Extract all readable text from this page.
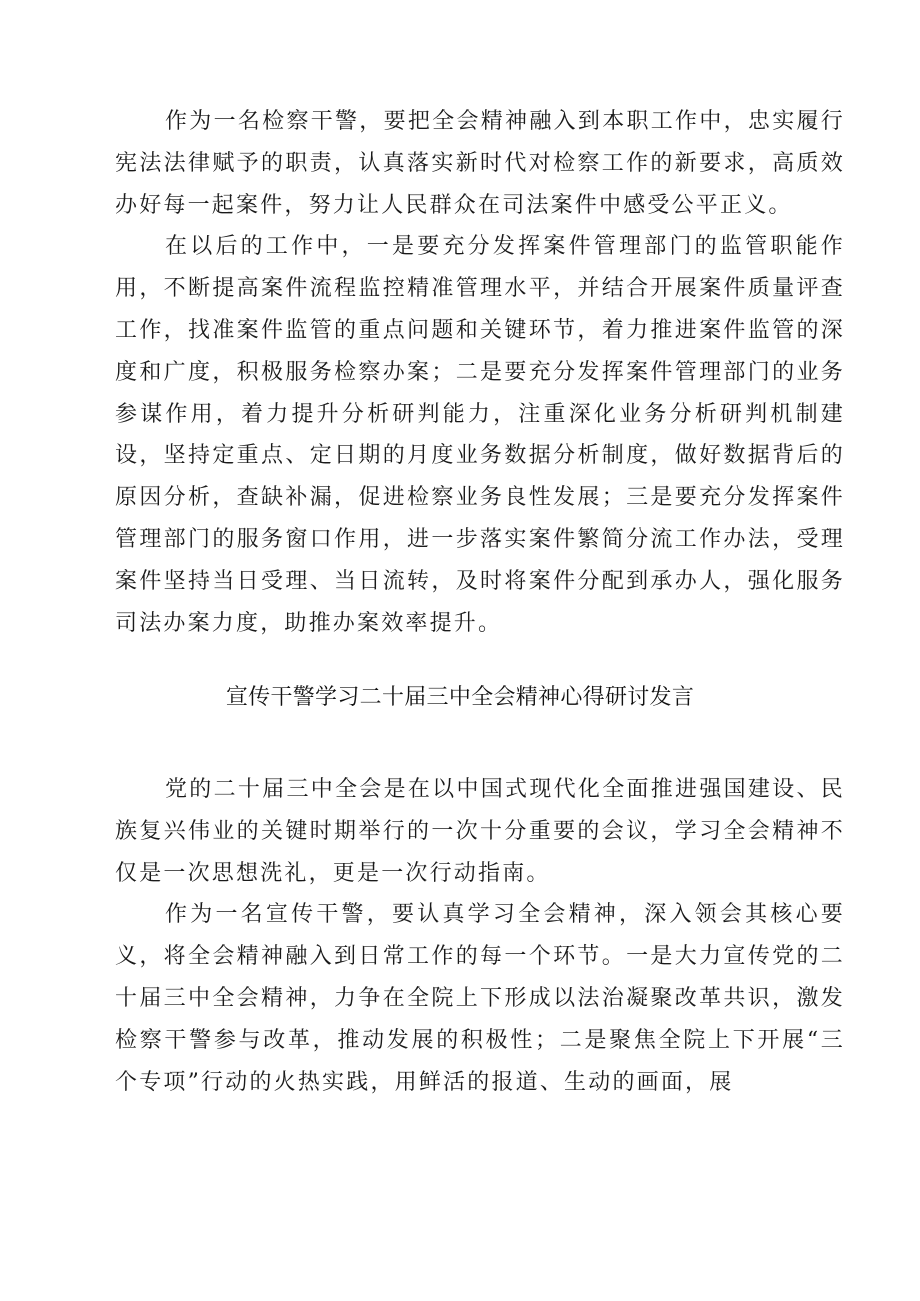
作为一名检察干警，要把全会精神融入到本职工作中，忠实履行宪法法律赋予的职责，认真落实新时代对检察工作的新要求，高质效办好每一起案件，努力让人民群众在司法案件中感受公平正义。

在以后的工作中，一是要充分发挥案件管理部门的监管职能作用，不断提高案件流程监控精准管理水平，并结合开展案件质量评查工作，找准案件监管的重点问题和关键环节，着力推进案件监管的深度和广度，积极服务检察办案；二是要充分发挥案件管理部门的业务参谋作用，着力提升分析研判能力，注重深化业务分析研判机制建设，坚持定重点、定日期的月度业务数据分析制度，做好数据背后的原因分析，查缺补漏，促进检察业务良性发展；三是要充分发挥案件管理部门的服务窗口作用，进一步落实案件繁简分流工作办法，受理案件坚持当日受理、当日流转，及时将案件分配到承办人，强化服务司法办案力度，助推办案效率提升。

宣传干警学习二十届三中全会精神心得研讨发言

党的二十届三中全会是在以中国式现代化全面推进强国建设、民族复兴伟业的关键时期举行的一次十分重要的会议，学习全会精神不仅是一次思想洗礼，更是一次行动指南。

作为一名宣传干警，要认真学习全会精神，深入领会其核心要义，将全会精神融入到日常工作的每一个环节。一是大力宣传党的二十届三中全会精神，力争在全院上下形成以法治凝聚改革共识，激发检察干警参与改革，推动发展的积极性；二是聚焦全院上下开展“三个专项”行动的火热实践，用鲜活的报道、生动的画面，展
